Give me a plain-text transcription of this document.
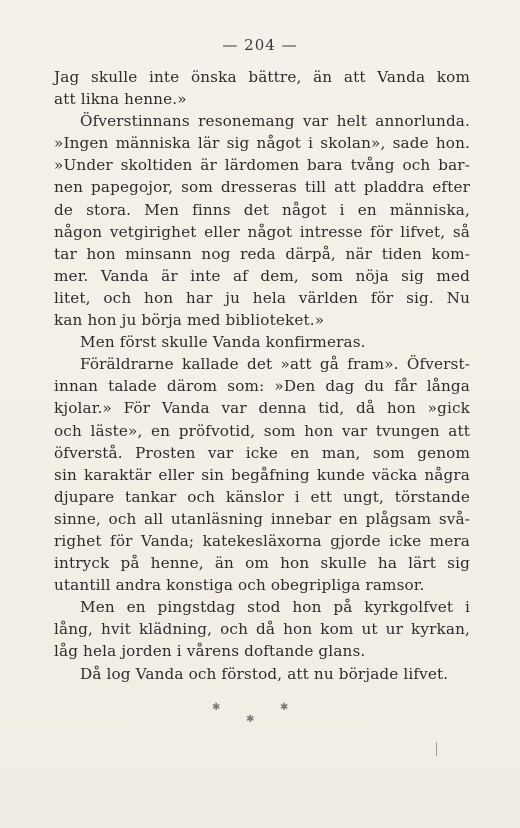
— 204 —
Jag skulle inte önska bättre, än att Vanda kom
att likna henne.»
Öfverstinnans resonemang var helt annorlunda.
»Ingen människa lär sig något i skolan», sade hon.
»Under skoltiden är lärdomen bara tvång och bar-
nen papegojor, som dresseras till att pladdra efter
de stora. Men finns det något i en människa,
någon vetgirighet eller något intresse för lifvet, så
tar hon minsann nog reda därpå, när tiden kom-
mer. Vanda är inte af dem, som nöja sig med
litet, och hon har ju hela världen för sig. Nu
kan hon ju börja med biblioteket.»
Men först skulle Vanda konfirmeras.
Föräldrarne kallade det »att gå fram». Öfverst-
innan talade därom som: »Den dag du får långa
kjolar.» För Vanda var denna tid, då hon »gick
och läste», en pröfvotid, som hon var tvungen att
öfverstå. Prosten var icke en man, som genom
sin karaktär eller sin begåfning kunde väcka några
djupare tankar och känslor i ett ungt, törstande
sinne, och all utanläsning innebar en plågsam svå-
righet för Vanda; katekesläxorna gjorde icke mera
intryck på henne, än om hon skulle ha lärt sig
utantill andra konstiga och obegripliga ramsor.
Men en pingstdag stod hon på kyrkgolfvet i
lång, hvit klädning, och då hon kom ut ur kyrkan,
låg hela jorden i vårens doftande glans.
Då log Vanda och förstod, att nu började lifvet.
✱	✱
✱
